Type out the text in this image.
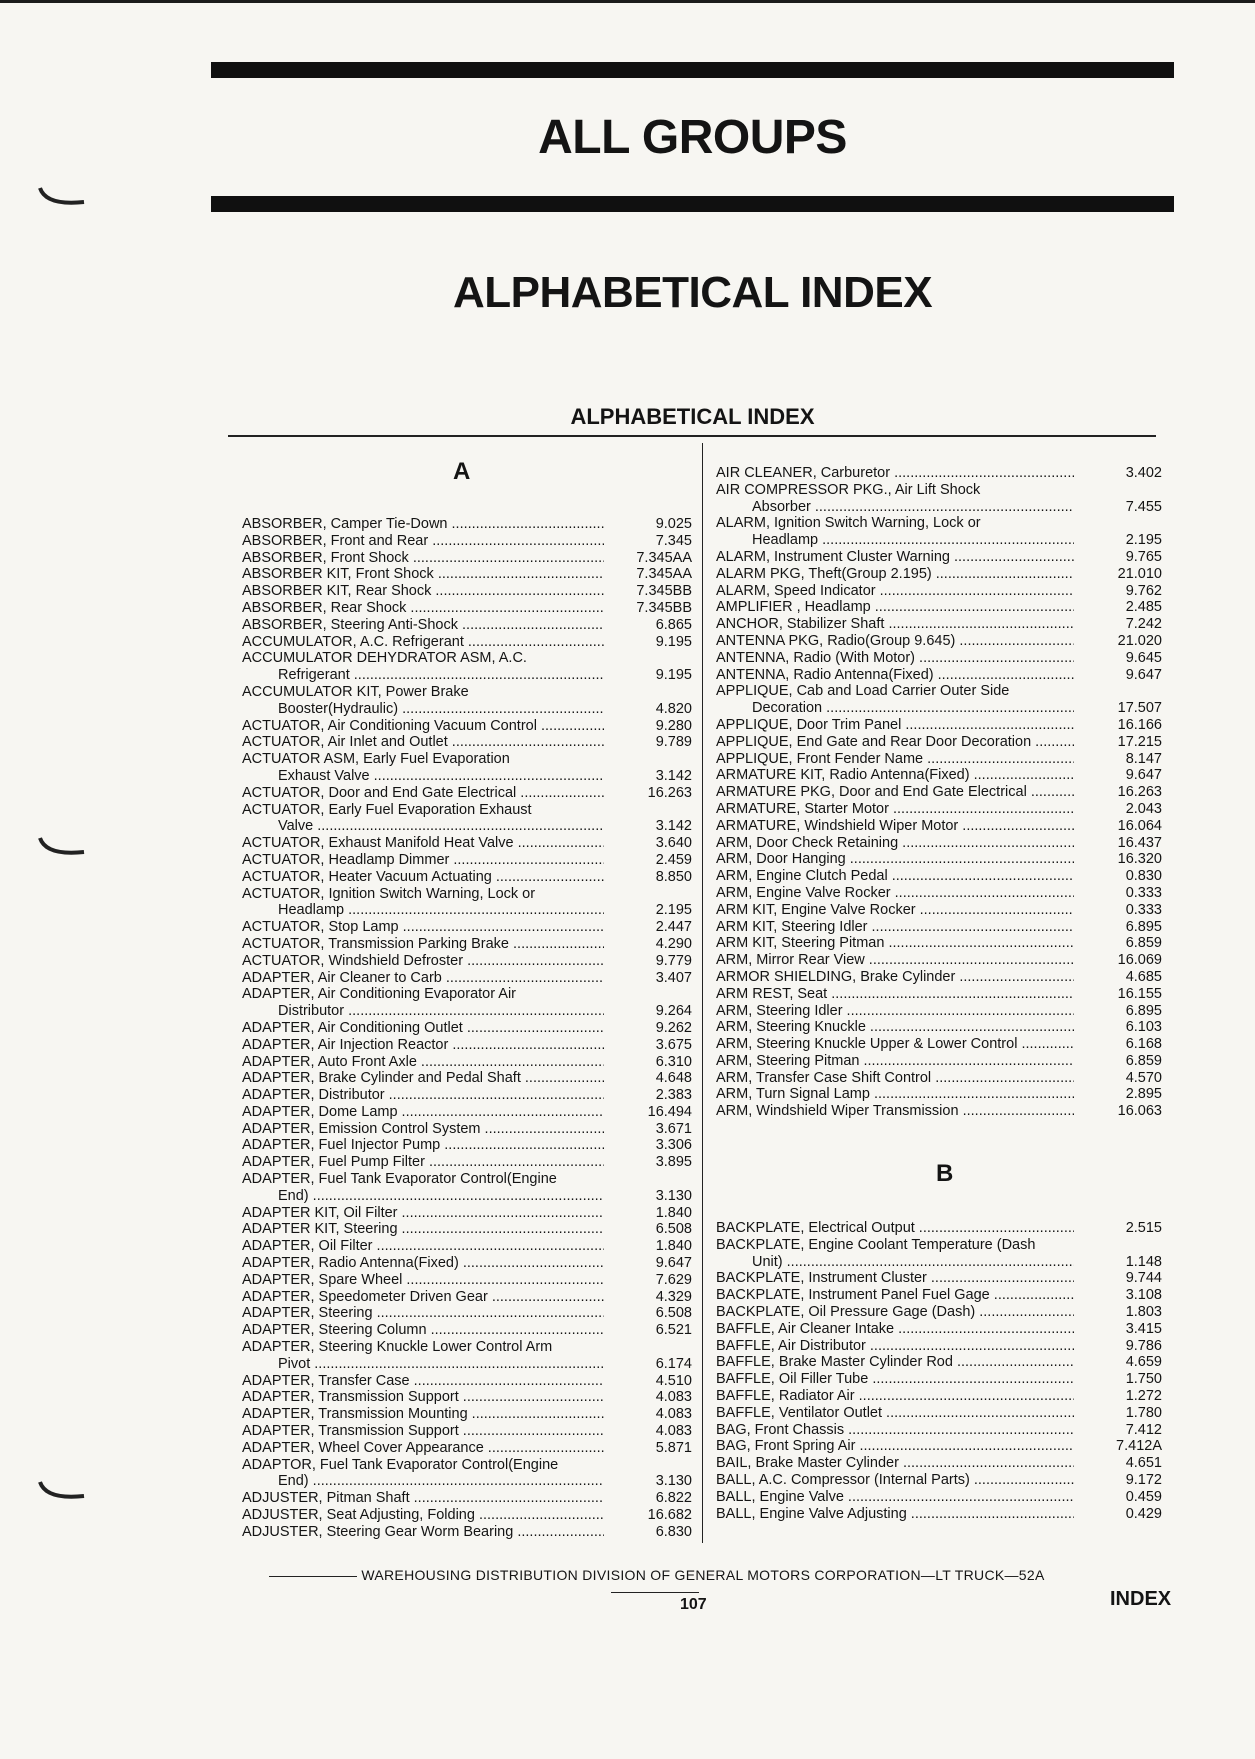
ALL GROUPS
ALPHABETICAL INDEX
ALPHABETICAL INDEX
A
B
ABSORBER, Camper Tie-Down .....	9.025
ABSORBER, Front and Rear .....	7.345
ABSORBER, Front Shock .....	7.345AA
ABSORBER KIT, Front Shock .....	7.345AA
ABSORBER KIT, Rear Shock .....	7.345BB
ABSORBER, Rear Shock .....	7.345BB
ABSORBER, Steering Anti-Shock .....	6.865
ACCUMULATOR, A.C. Refrigerant .....	9.195
ACCUMULATOR DEHYDRATOR ASM, A.C.
Refrigerant .....	9.195
ACCUMULATOR KIT, Power Brake
Booster(Hydraulic) .....	4.820
ACTUATOR, Air Conditioning Vacuum Control .....	9.280
ACTUATOR, Air Inlet and Outlet .....	9.789
ACTUATOR ASM, Early Fuel Evaporation
Exhaust Valve .....	3.142
ACTUATOR, Door and End Gate Electrical .....	16.263
ACTUATOR, Early Fuel Evaporation Exhaust
Valve .....	3.142
ACTUATOR, Exhaust Manifold Heat Valve .....	3.640
ACTUATOR, Headlamp Dimmer .....	2.459
ACTUATOR, Heater Vacuum Actuating .....	8.850
ACTUATOR, Ignition Switch Warning, Lock or
Headlamp .....	2.195
ACTUATOR, Stop Lamp .....	2.447
ACTUATOR, Transmission Parking Brake .....	4.290
ACTUATOR, Windshield Defroster .....	9.779
ADAPTER, Air Cleaner to Carb .....	3.407
ADAPTER, Air Conditioning Evaporator Air
Distributor .....	9.264
ADAPTER, Air Conditioning Outlet .....	9.262
ADAPTER, Air Injection Reactor .....	3.675
ADAPTER, Auto Front Axle .....	6.310
ADAPTER, Brake Cylinder and Pedal Shaft .....	4.648
ADAPTER, Distributor .....	2.383
ADAPTER, Dome Lamp .....	16.494
ADAPTER, Emission Control System .....	3.671
ADAPTER, Fuel Injector Pump .....	3.306
ADAPTER, Fuel Pump Filter .....	3.895
ADAPTER, Fuel Tank Evaporator Control(Engine
End) .....	3.130
ADAPTER KIT, Oil Filter .....	1.840
ADAPTER KIT, Steering .....	6.508
ADAPTER, Oil Filter .....	1.840
ADAPTER, Radio Antenna(Fixed) .....	9.647
ADAPTER, Spare Wheel .....	7.629
ADAPTER, Speedometer Driven Gear .....	4.329
ADAPTER, Steering .....	6.508
ADAPTER, Steering Column .....	6.521
ADAPTER, Steering Knuckle Lower Control Arm
Pivot .....	6.174
ADAPTER, Transfer Case .....	4.510
ADAPTER, Transmission Support .....	4.083
ADAPTER, Transmission Mounting .....	4.083
ADAPTER, Transmission Support .....	4.083
ADAPTER, Wheel Cover Appearance .....	5.871
ADAPTOR, Fuel Tank Evaporator Control(Engine
End) .....	3.130
ADJUSTER, Pitman Shaft .....	6.822
ADJUSTER, Seat Adjusting, Folding .....	16.682
ADJUSTER, Steering Gear Worm Bearing .....	6.830
AIR CLEANER, Carburetor .....	3.402
AIR COMPRESSOR PKG., Air Lift Shock
Absorber .....	7.455
ALARM, Ignition Switch Warning, Lock or
Headlamp .....	2.195
ALARM, Instrument Cluster Warning .....	9.765
ALARM PKG, Theft(Group 2.195) .....	21.010
ALARM, Speed Indicator .....	9.762
AMPLIFIER , Headlamp .....	2.485
ANCHOR, Stabilizer Shaft .....	7.242
ANTENNA PKG, Radio(Group 9.645) .....	21.020
ANTENNA, Radio (With Motor) .....	9.645
ANTENNA, Radio Antenna(Fixed) .....	9.647
APPLIQUE, Cab and Load Carrier Outer Side
Decoration .....	17.507
APPLIQUE, Door Trim Panel .....	16.166
APPLIQUE, End Gate and Rear Door Decoration .....	17.215
APPLIQUE, Front Fender Name .....	8.147
ARMATURE KIT, Radio Antenna(Fixed) .....	9.647
ARMATURE PKG, Door and End Gate Electrical .....	16.263
ARMATURE, Starter Motor .....	2.043
ARMATURE, Windshield Wiper Motor .....	16.064
ARM, Door Check Retaining .....	16.437
ARM, Door Hanging .....	16.320
ARM, Engine Clutch Pedal .....	0.830
ARM, Engine Valve Rocker .....	0.333
ARM KIT, Engine Valve Rocker .....	0.333
ARM KIT, Steering Idler .....	6.895
ARM KIT, Steering Pitman .....	6.859
ARM, Mirror Rear View .....	16.069
ARMOR SHIELDING, Brake Cylinder .....	4.685
ARM REST, Seat .....	16.155
ARM, Steering Idler .....	6.895
ARM, Steering Knuckle .....	6.103
ARM, Steering Knuckle Upper & Lower Control .....	6.168
ARM, Steering Pitman .....	6.859
ARM, Transfer Case Shift Control .....	4.570
ARM, Turn Signal Lamp .....	2.895
ARM, Windshield Wiper Transmission .....	16.063
BACKPLATE, Electrical Output .....	2.515
BACKPLATE, Engine Coolant Temperature (Dash
Unit) .....	1.148
BACKPLATE, Instrument Cluster .....	9.744
BACKPLATE, Instrument Panel Fuel Gage .....	3.108
BACKPLATE, Oil Pressure Gage (Dash) .....	1.803
BAFFLE, Air Cleaner Intake .....	3.415
BAFFLE, Air Distributor .....	9.786
BAFFLE, Brake Master Cylinder Rod .....	4.659
BAFFLE, Oil Filler Tube .....	1.750
BAFFLE, Radiator Air .....	1.272
BAFFLE, Ventilator Outlet .....	1.780
BAG, Front Chassis .....	7.412
BAG, Front Spring Air .....	7.412A
BAIL, Brake Master Cylinder .....	4.651
BALL, A.C. Compressor (Internal Parts) .....	9.172
BALL, Engine Valve .....	0.459
BALL, Engine Valve Adjusting .....	0.429
WAREHOUSING DISTRIBUTION DIVISION OF GENERAL MOTORS CORPORATION—LT TRUCK—52A
107	INDEX
